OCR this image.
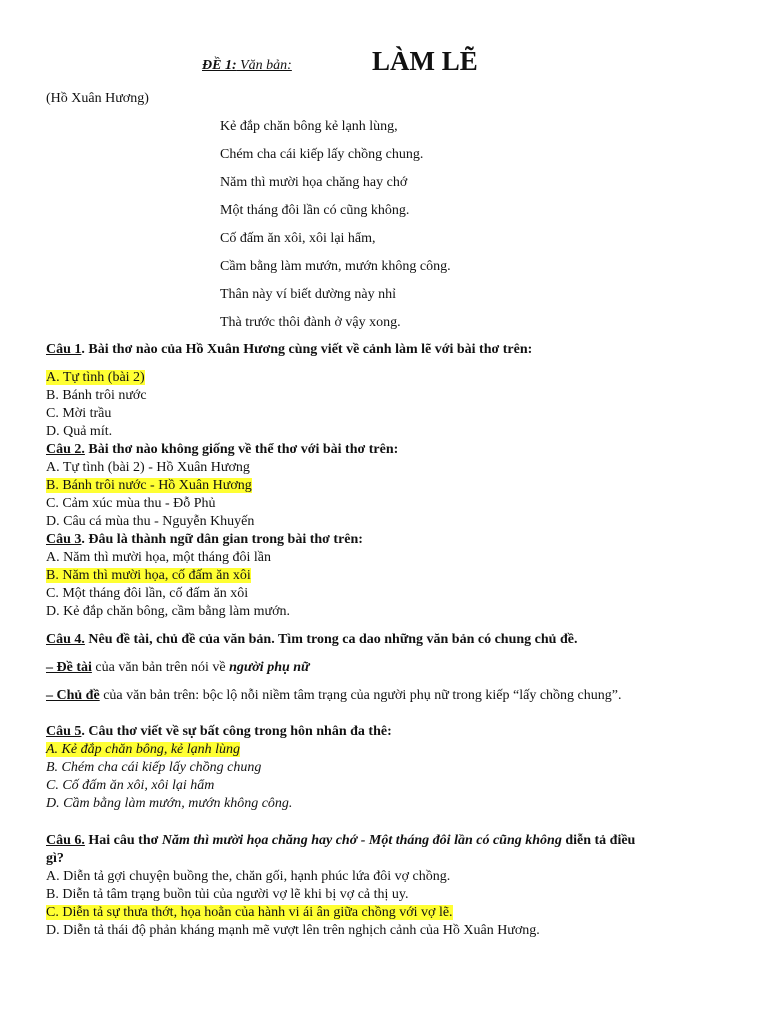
ĐỀ 1: Văn bản:	LÀM LẼ
(Hồ Xuân Hương)
Kẻ đắp chăn bông kẻ lạnh lùng,
Chém cha cái kiếp lấy chồng chung.
Năm thì mười họa chăng hay chớ
Một tháng đôi lần có cũng không.
Cố đấm ăn xôi, xôi lại hẩm,
Cầm bằng làm mướn, mướn không công.
Thân này ví biết dường này nhỉ
Thà trước thôi đành ở vậy xong.
Câu 1. Bài thơ nào của Hồ Xuân Hương cùng viết về cảnh làm lẽ với bài thơ trên:
A. Tự tình (bài 2)
B. Bánh trôi nước
C. Mời trầu
D. Quả mít.
Câu 2. Bài thơ nào không giống về thể thơ với bài thơ trên:
A. Tự tình (bài 2) - Hồ Xuân Hương
B. Bánh trôi nước - Hồ Xuân Hương
C. Cảm xúc mùa thu - Đỗ Phủ
D. Câu cá mùa thu - Nguyễn Khuyến
Câu 3. Đâu là thành ngữ dân gian trong bài thơ trên:
A. Năm thì mười họa, một tháng đôi lần
B. Năm thì mười họa, cố đấm ăn xôi
C. Một tháng đôi lần, cố đấm ăn xôi
D. Kẻ đắp chăn bông, cầm bằng làm mướn.
Câu 4. Nêu đề tài, chủ đề của văn bản. Tìm trong ca dao những văn bản có chung chủ đề.
– Đề tài của văn bản trên nói về người phụ nữ
– Chủ đề của văn bản trên: bộc lộ nỗi niềm tâm trạng của người phụ nữ trong kiếp “lấy chồng chung”.
Câu 5. Câu thơ viết về sự bất công trong hôn nhân đa thê:
A. Kẻ đắp chăn bông, kẻ lạnh lùng
B. Chém cha cái kiếp lấy chồng chung
C. Cố đấm ăn xôi, xôi lại hẩm
D. Cầm bằng làm mướn, mướn không công.
Câu 6. Hai câu thơ Năm thì mười họa chăng hay chớ - Một tháng đôi lần có cũng không diễn tả điều
gì?
A. Diễn tả gợi chuyện buồng the, chăn gối, hạnh phúc lứa đôi vợ chồng.
B. Diễn tả tâm trạng buồn tủi của người vợ lẽ khi bị vợ cả thị uy.
C. Diễn tả sự thưa thớt, họa hoằn của hành vi ái ân giữa chồng với vợ lẽ.
D. Diễn tả thái độ phản kháng mạnh mẽ vượt lên trên nghịch cảnh của Hồ Xuân Hương.
